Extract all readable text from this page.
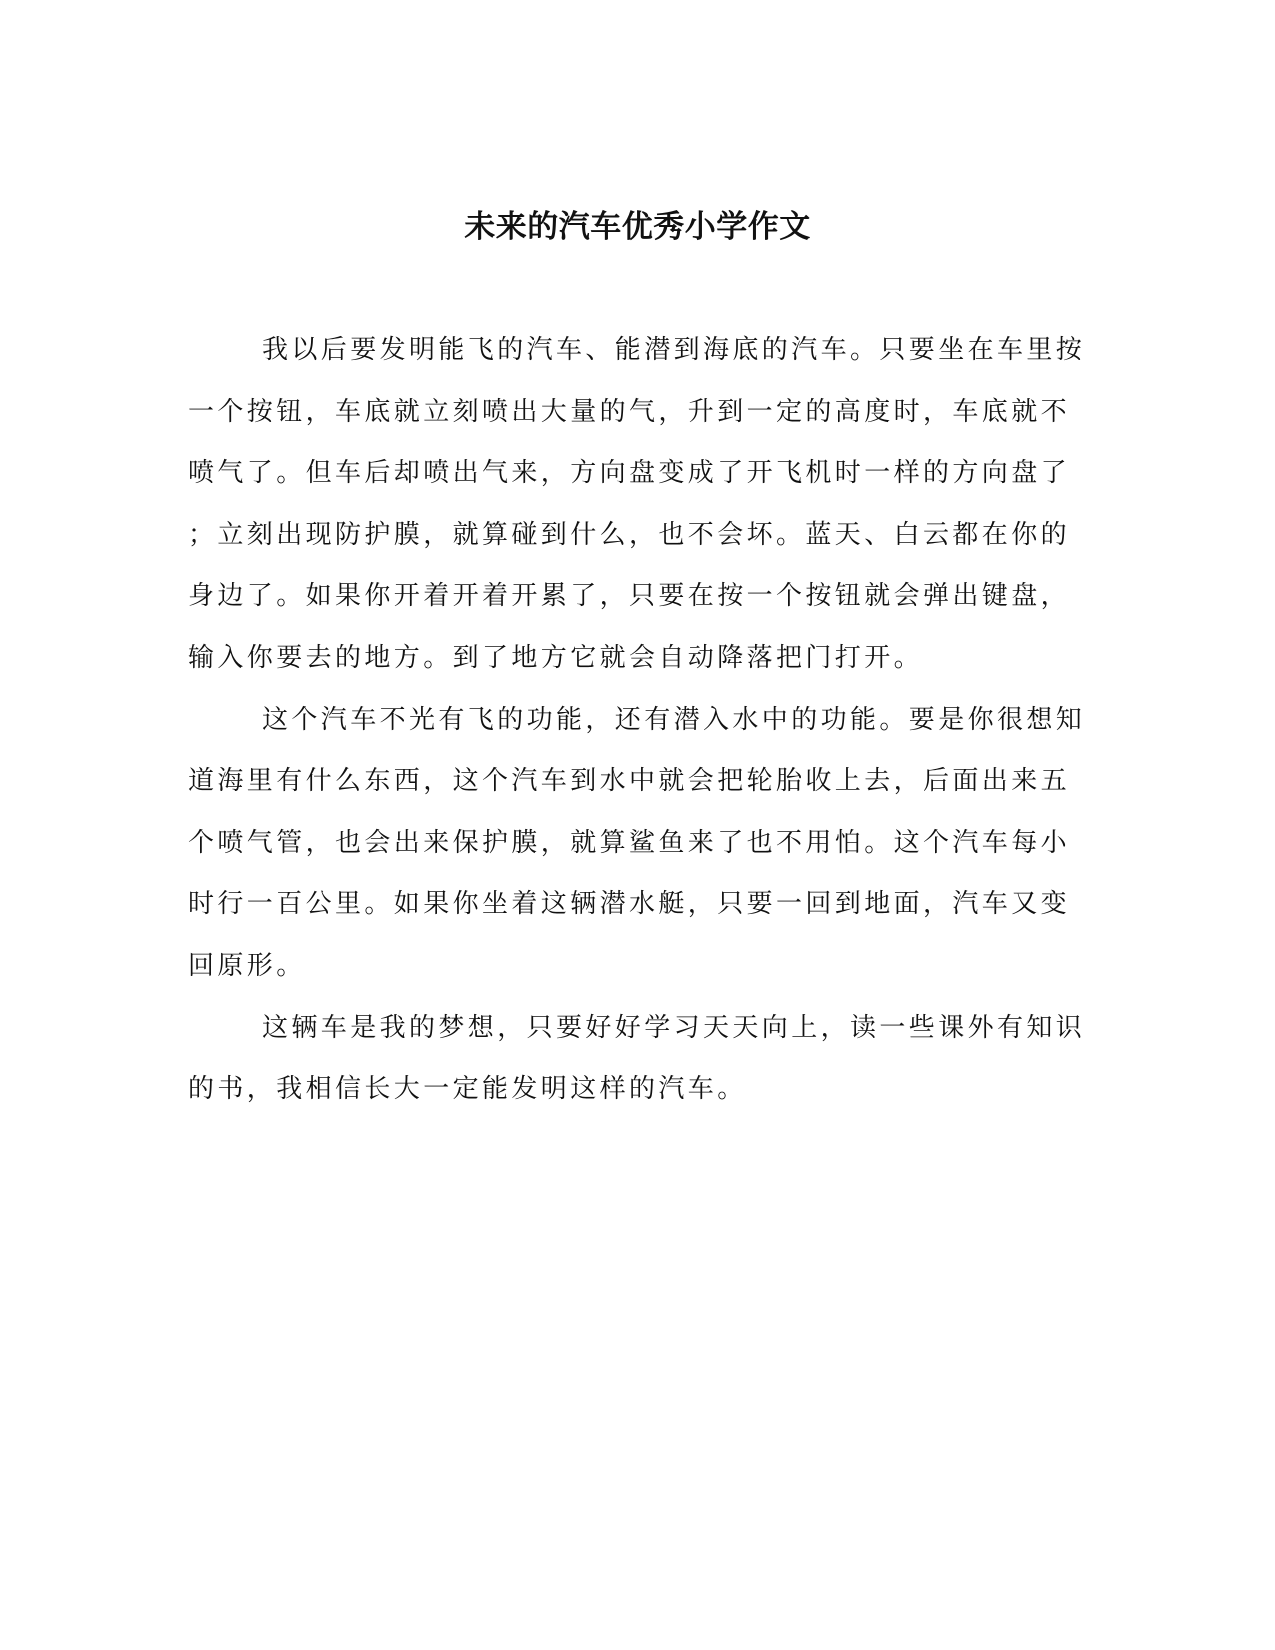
未来的汽车优秀小学作文
我以后要发明能飞的汽车、能潜到海底的汽车。只要坐在车里按
一个按钮，车底就立刻喷出大量的气，升到一定的高度时，车底就不
喷气了。但车后却喷出气来，方向盘变成了开飞机时一样的方向盘了
；立刻出现防护膜，就算碰到什么，也不会坏。蓝天、白云都在你的
身边了。如果你开着开着开累了，只要在按一个按钮就会弹出键盘，
输入你要去的地方。到了地方它就会自动降落把门打开。
这个汽车不光有飞的功能，还有潜入水中的功能。要是你很想知
道海里有什么东西，这个汽车到水中就会把轮胎收上去，后面出来五
个喷气管，也会出来保护膜，就算鲨鱼来了也不用怕。这个汽车每小
时行一百公里。如果你坐着这辆潜水艇，只要一回到地面，汽车又变
回原形。
这辆车是我的梦想，只要好好学习天天向上，读一些课外有知识
的书，我相信长大一定能发明这样的汽车。
